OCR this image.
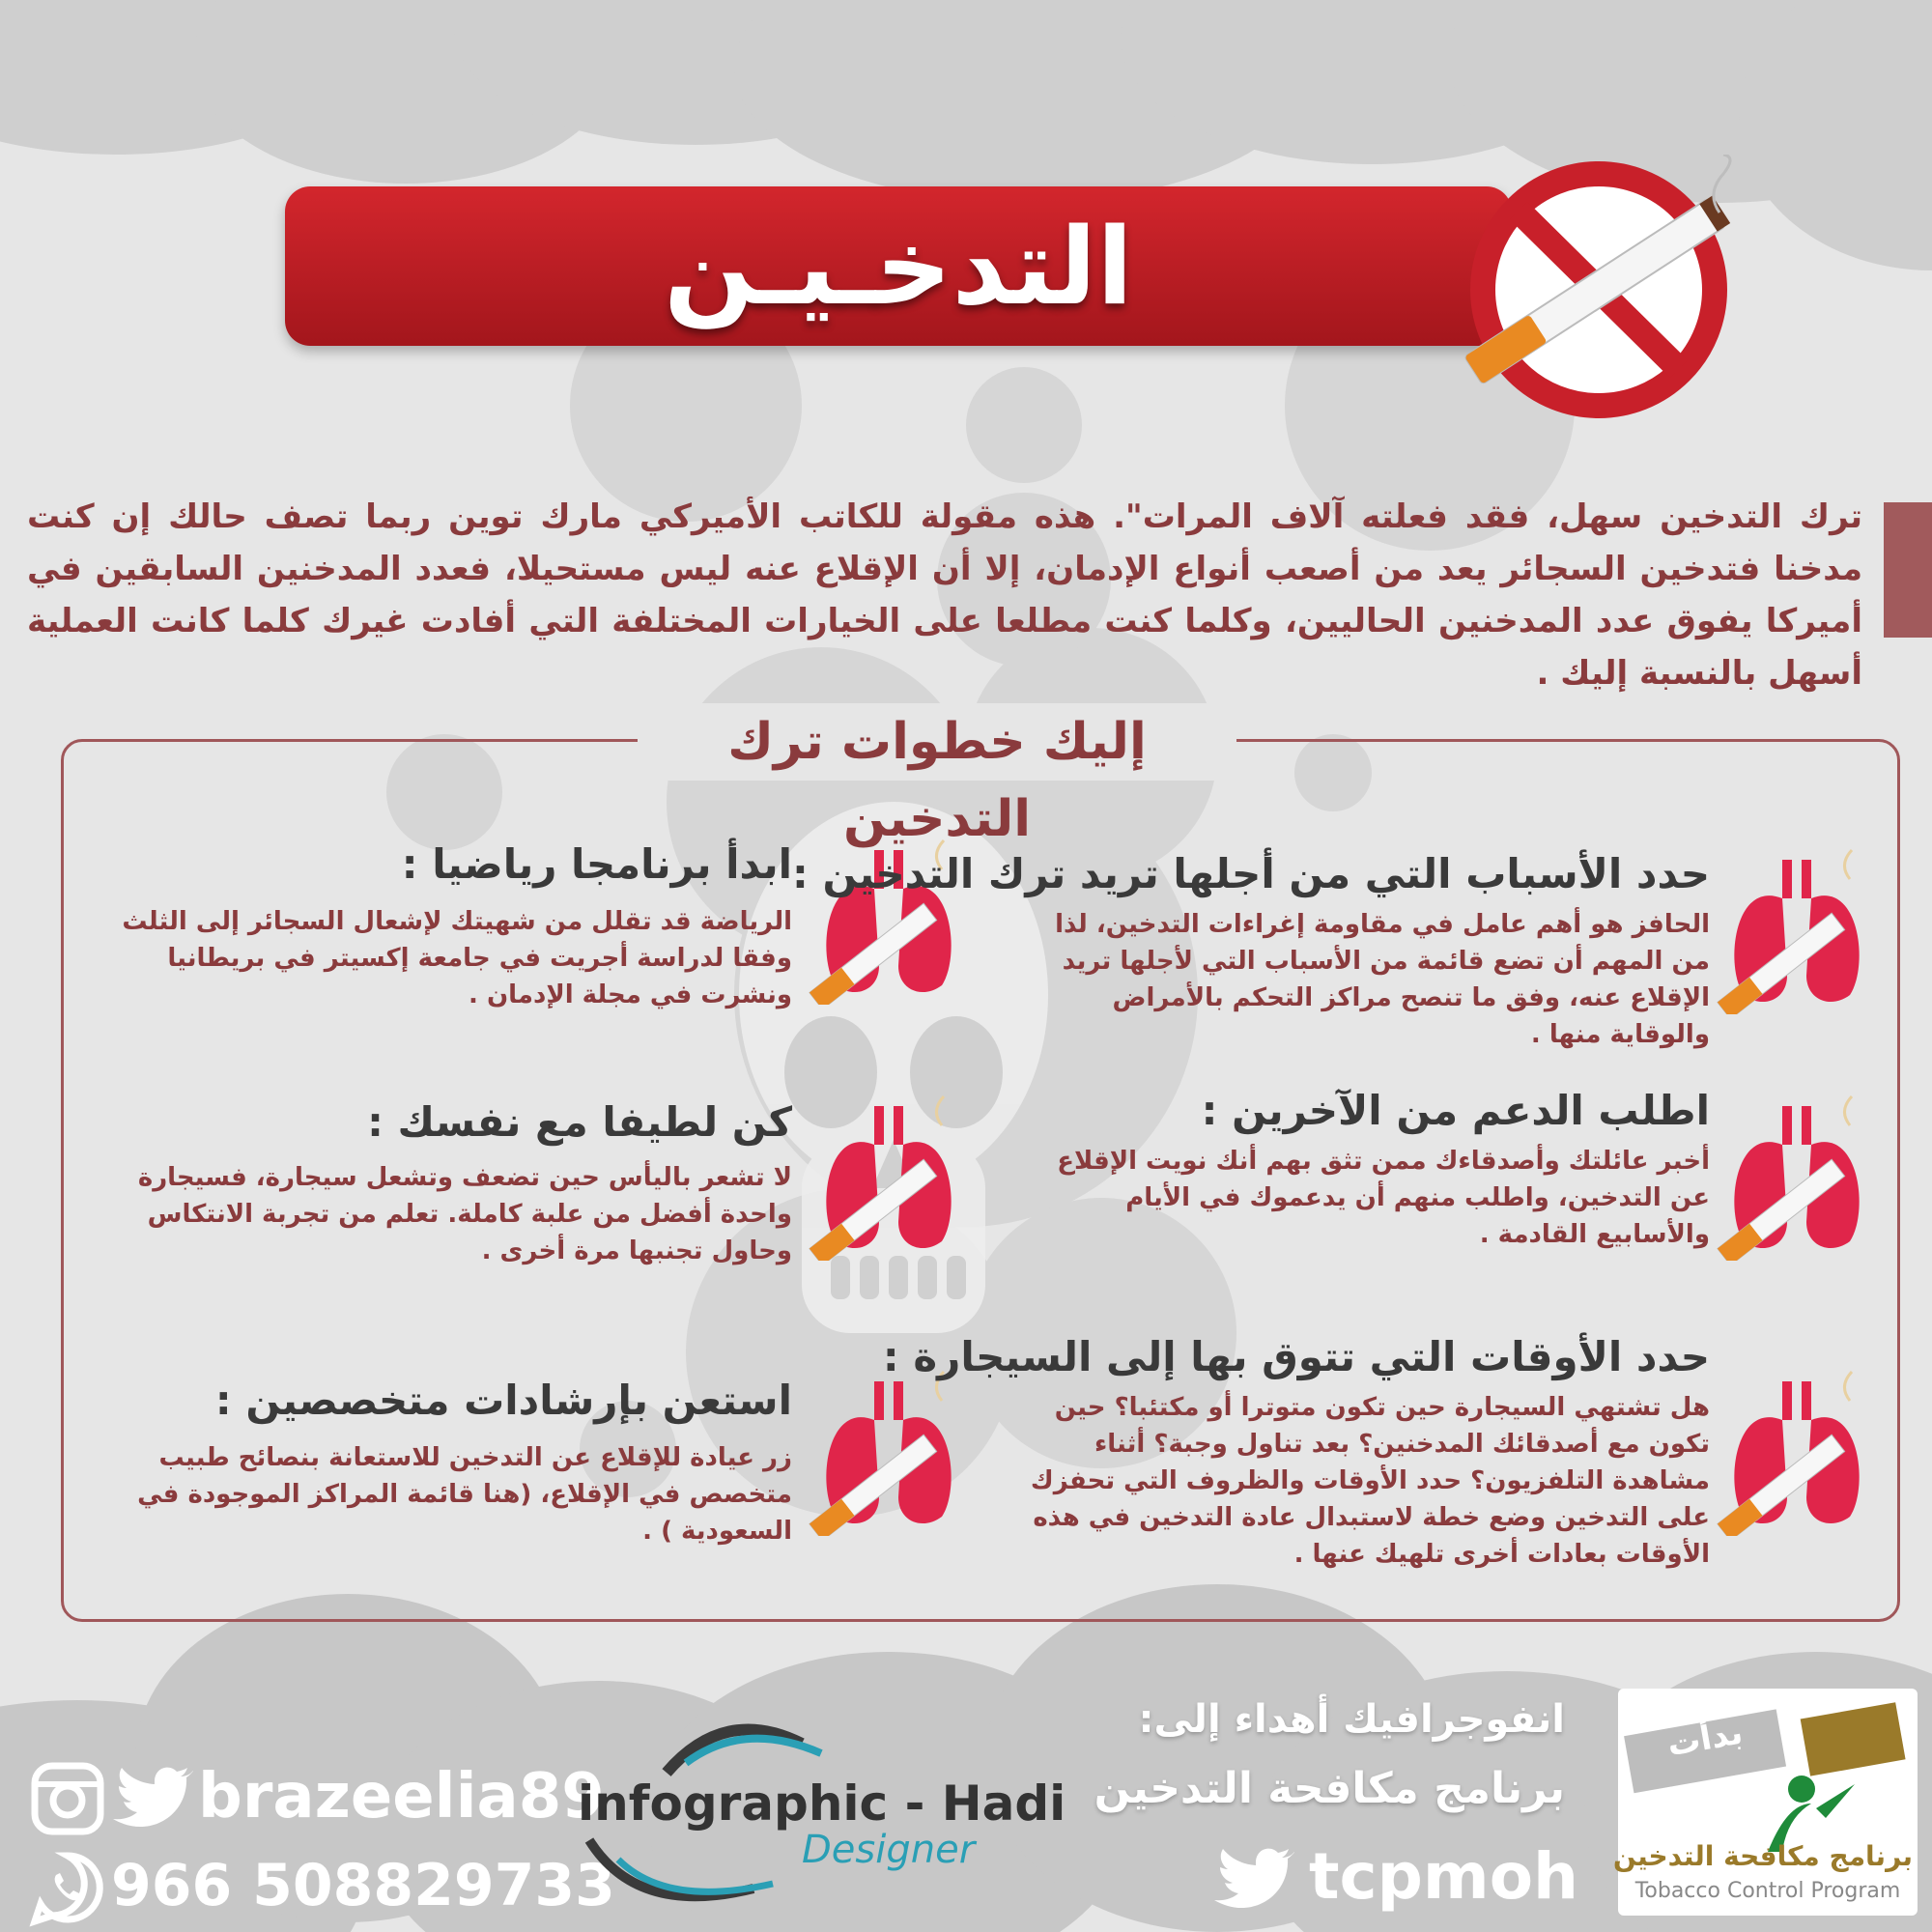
التدخـيـن
ترك التدخين سهل، فقد فعلته آلاف المرات". هذه مقولة للكاتب الأميركي مارك توين ربما تصف حالك إن كنت مدخنا فتدخين السجائر يعد من أصعب أنواع الإدمان، إلا أن الإقلاع عنه ليس مستحيلا، فعدد المدخنين السابقين في أميركا يفوق عدد المدخنين الحاليين، وكلما كنت مطلعا على الخيارات المختلفة التي أفادت غيرك كلما كانت العملية أسهل بالنسبة إليك .
إليك خطوات ترك التدخين
حدد الأسباب التي من أجلها تريد ترك التدخين :
الحافز هو أهم عامل في مقاومة إغراءات التدخين، لذا من المهم أن تضع قائمة من الأسباب التي لأجلها تريد الإقلاع عنه، وفق ما تنصح مراكز التحكم بالأمراض والوقاية منها .
اطلب الدعم من الآخرين :
أخبر عائلتك وأصدقاءك ممن تثق بهم أنك نويت الإقلاع عن التدخين، واطلب منهم أن يدعموك في الأيام والأسابيع القادمة .
حدد الأوقات التي تتوق بها إلى السيجارة :
هل تشتهي السيجارة حين تكون متوترا أو مكتئبا؟ حين تكون مع أصدقائك المدخنين؟ بعد تناول وجبة؟ أثناء مشاهدة التلفزيون؟ حدد الأوقات والظروف التي تحفزك على التدخين وضع خطة لاستبدال عادة التدخين في هذه الأوقات بعادات أخرى تلهيك عنها .
ابدأ برنامجا رياضيا :
الرياضة قد تقلل من شهيتك لإشعال السجائر إلى الثلث وفقا لدراسة أجريت في جامعة إكسيتر في بريطانيا ونشرت في مجلة الإدمان .
كن لطيفا مع نفسك :
لا تشعر باليأس حين تضعف وتشعل سيجارة، فسيجارة واحدة أفضل من علبة كاملة. تعلم من تجربة الانتكاس وحاول تجنبها مرة أخرى .
استعن بإرشادات متخصصين :
زر عيادة للإقلاع عن التدخين للاستعانة بنصائح طبيب متخصص في الإقلاع، (هنا قائمة المراكز الموجودة في السعودية ) .
brazeelia89
966 508829733
infographic - Hadi
Designer
انفوجرافيك أهداء إلى:
برنامج مكافحة التدخين
tcpmoh
بدأت
برنامج مكافحة التدخين
Tobacco Control Program
